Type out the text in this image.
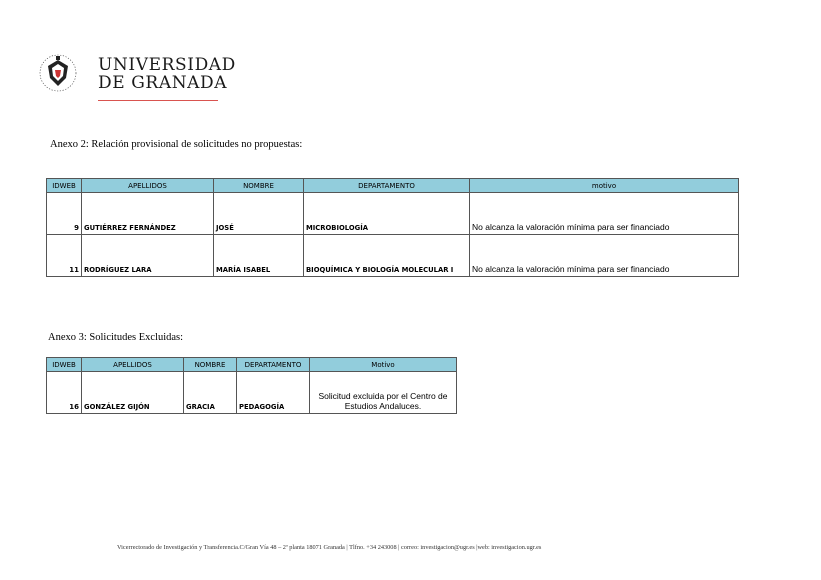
UNIVERSIDAD
DE GRANADA
Anexo 2: Relación provisional de solicitudes no propuestas:
IDWEB	APELLIDOS	NOMBRE	DEPARTAMENTO	motivo
9	GUTIÉRREZ FERNÁNDEZ	JOSÉ	MICROBIOLOGÍA	No alcanza la valoración mínima para ser financiado
11	RODRÍGUEZ LARA	MARÍA ISABEL	BIOQUÍMICA Y BIOLOGÍA MOLECULAR I	No alcanza la valoración mínima para ser financiado
Anexo 3: Solicitudes Excluidas:
IDWEB	APELLIDOS	NOMBRE	DEPARTAMENTO	Motivo
16	GONZÁLEZ GIJÓN	GRACIA	PEDAGOGÍA	Solicitud excluida por el Centro de Estudios Andaluces.
Vicerrectorado de Investigación y Transferencia.C/Gran Vía 48 – 2ª planta 18071 Granada | Tlfno. +34 243008 | correo: investigacion@ugr.es |web: investigacion.ugr.es
